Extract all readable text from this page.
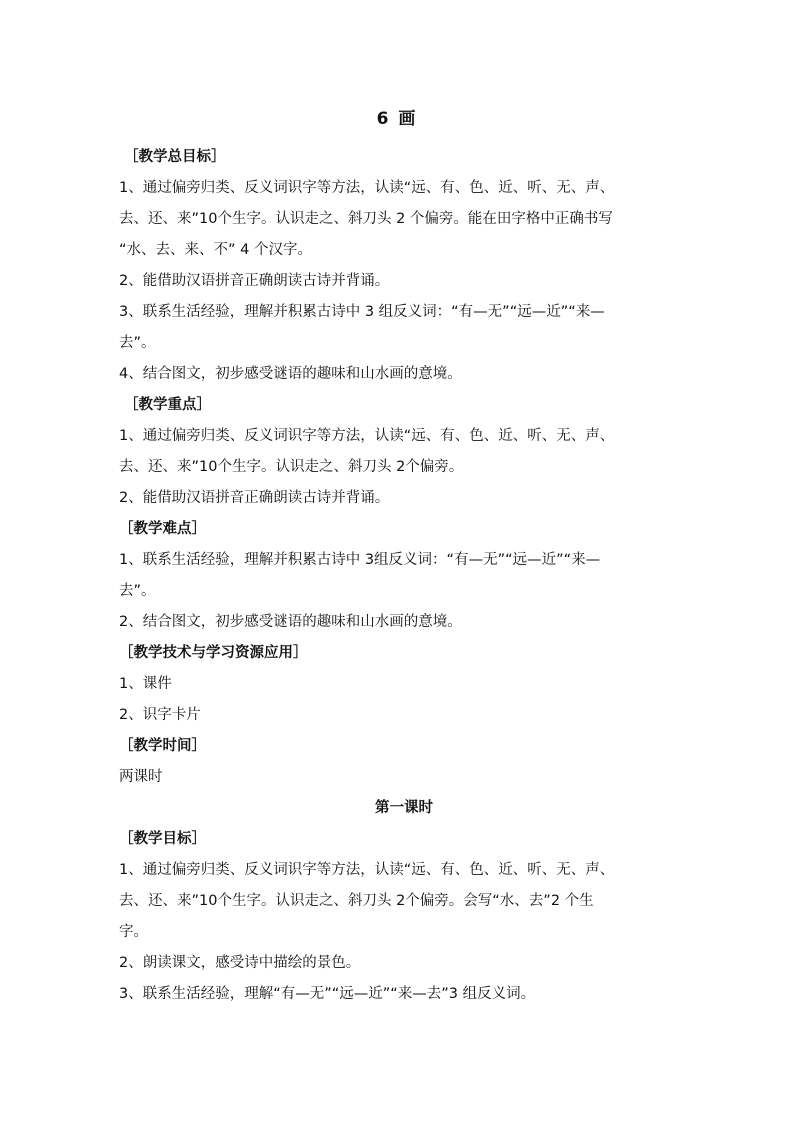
6 画
［教学总目标］
1、通过偏旁归类、反义词识字等方法，认读“远、有、色、近、听、无、声、
去、还、来”10个生字。认识走之、斜刀头 2 个偏旁。能在田字格中正确书写
“水、去、来、不” 4 个汉字。
2、能借助汉语拼音正确朗读古诗并背诵。
3、联系生活经验，理解并积累古诗中 3 组反义词：“有—无”“远—近”“来—
去”。
4、结合图文，初步感受谜语的趣味和山水画的意境。
［教学重点］
1、通过偏旁归类、反义词识字等方法，认读“远、有、色、近、听、无、声、
去、还、来”10个生字。认识走之、斜刀头 2个偏旁。
2、能借助汉语拼音正确朗读古诗并背诵。
［教学难点］
1、联系生活经验，理解并积累古诗中 3组反义词：“有—无”“远—近”“来—
去”。
2、结合图文，初步感受谜语的趣味和山水画的意境。
［教学技术与学习资源应用］
1、课件
2、识字卡片
［教学时间］
两课时
第一课时
［教学目标］
1、通过偏旁归类、反义词识字等方法，认读“远、有、色、近、听、无、声、
去、还、来”10个生字。认识走之、斜刀头 2个偏旁。会写“水、去”2 个生
字。
2、朗读课文，感受诗中描绘的景色。
3、联系生活经验，理解“有—无”“远—近”“来—去”3 组反义词。
